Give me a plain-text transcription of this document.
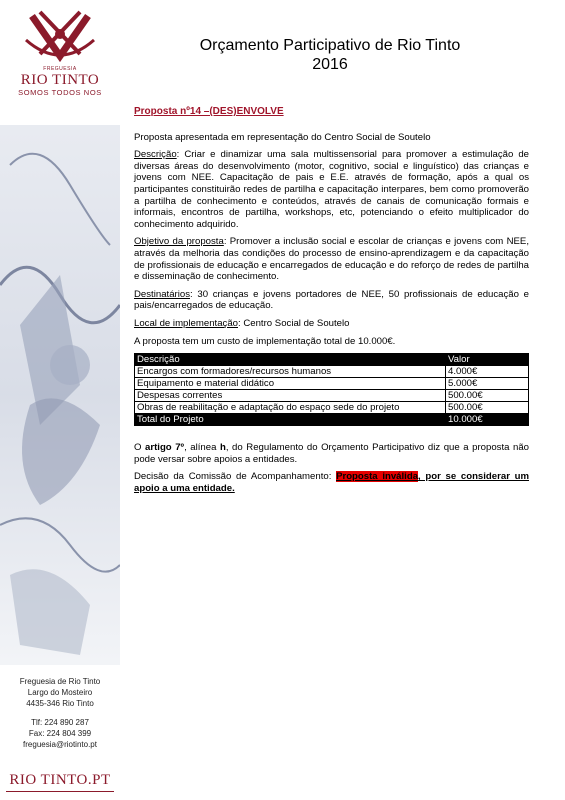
FREGUESIA
RIO TINTO
SOMOS TODOS NOS
Freguesia de Rio Tinto
Largo do Mosteiro
4435-346 Rio Tinto
Tlf: 224 890 287
Fax: 224 804 399
freguesia@riotinto.pt
RIO TINTO.PT
Orçamento Participativo de Rio Tinto
2016
Proposta nº14 –(DES)ENVOLVE

Proposta apresentada em representação do Centro Social de Soutelo

Descrição: Criar e dinamizar uma sala multissensorial para promover a estimulação de diversas áreas do desenvolvimento (motor, cognitivo, social e linguístico) das crianças e jovens com NEE. Capacitação de pais e E.E. através de formação, após a qual os participantes constituirão redes de partilha e capacitação interpares, bem como promoverão a partilha de conhecimento e conteúdos, através de canais de comunicação formais e informais, encontros de partilha, workshops, etc, potenciando o efeito multiplicador do conhecimento adquirido.

Objetivo da proposta: Promover a inclusão social e escolar de crianças e jovens com NEE, através da melhoria das condições do processo de ensino-aprendizagem e da capacitação de profissionais de educação e encarregados de educação e do reforço de redes de partilha e disseminação de conhecimento.

Destinatários: 30 crianças e jovens portadores de NEE, 50 profissionais de educação e pais/encarregados de educação.

Local de implementação: Centro Social de Soutelo

A proposta tem um custo de implementação total de 10.000€.

Descrição	Valor
Encargos com formadores/recursos humanos	4.000€
Equipamento e material didático	5.000€
Despesas correntes	500.00€
Obras de reabilitação e adaptação do espaço sede do projeto	500.00€
Total do Projeto	10.000€

O artigo 7º, alínea h, do Regulamento do Orçamento Participativo diz que a proposta não pode versar sobre apoios a entidades.

Decisão da Comissão de Acompanhamento: Proposta inválida, por se considerar um apoio a uma entidade.
